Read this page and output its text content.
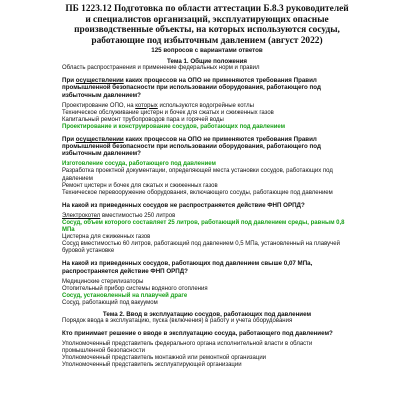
ПБ 1223.12 Подготовка по области аттестации Б.8.3 руководителей и специалистов организаций, эксплуатирующих опасные производственные объекты, на которых используются сосуды, работающие под избыточным давлением (август 2022)

125 вопросов с вариантами ответов

Тема 1. Общие положения

Область распространения и применение федеральных норм и правил

При осуществлении каких процессов на ОПО не применяются требования Правил промышленной безопасности при использовании оборудования, работающего под избыточным давлением?

Проектирование ОПО, на которых используются водогрейные котлы

Техническое обслуживание цистерн и бочек для сжатых и сжиженных газов

Капитальный ремонт трубопроводов пара и горячей воды

Проектирование и конструирование сосудов, работающих под давлением

При осуществлении каких процессов на ОПО не применяются требования Правил промышленной безопасности при использовании оборудования, работающего под избыточным давлением?

Изготовление сосуда, работающего под давлением

Разработка проектной документации, определяющей места установки сосудов, работающих под давлением

Ремонт цистерн и бочек для сжатых и сжиженных газов

Техническое перевооружение оборудования, включающего сосуды, работающие под давлением

На какой из приведенных сосудов не распространяется действие ФНП ОРПД?

Электрокотел вместимостью 250 литров

Сосуд, объем которого составляет 25 литров, работающий под давлением среды, равным 0,8 МПа

Цистерна для сжиженных газов

Сосуд вместимостью 60 литров, работающий под давлением 0,5 МПа, установленный на плавучей буровой установке

На какой из приведенных сосудов, работающих под давлением свыше 0,07 МПа, распространяется действие ФНП ОРПД?

Медицинские стерилизаторы

Отопительный прибор системы водяного отопления

Сосуд, установленный на плавучей драге

Сосуд, работающий под вакуумом

Тема 2. Ввод в эксплуатацию сосудов, работающих под давлением

Порядок ввода в эксплуатацию, пуска (включения) в работу и учета оборудования

Кто принимает решение о вводе в эксплуатацию сосуда, работающего под давлением?

Уполномоченный представитель федерального органа исполнительной власти в области промышленной безопасности

Уполномоченный представитель монтажной или ремонтной организации

Уполномоченный представитель эксплуатирующей организации
